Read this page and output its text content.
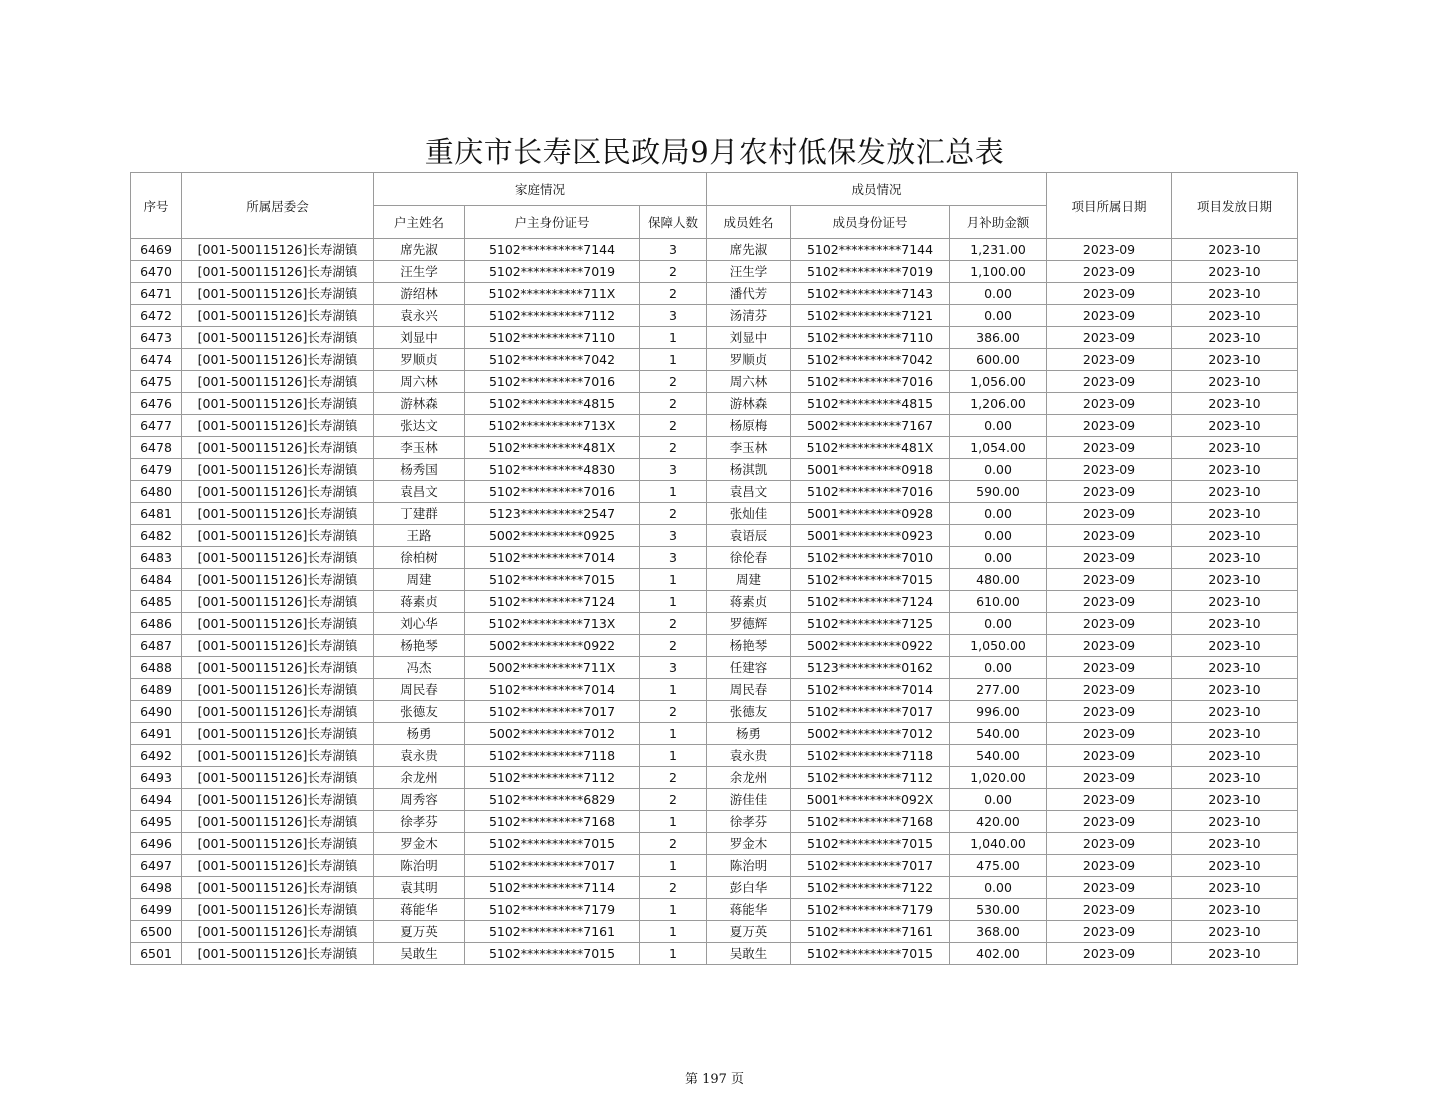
重庆市长寿区民政局9月农村低保发放汇总表
序号	所属居委会	家庭情况			成员情况			项目所属日期	项目发放日期
		户主姓名	户主身份证号	保障人数	成员姓名	成员身份证号	月补助金额		
6469	[001-500115126]长寿湖镇	席先淑	5102**********7144	3	席先淑	5102**********7144	1,231.00	2023-09	2023-10
6470	[001-500115126]长寿湖镇	汪生学	5102**********7019	2	汪生学	5102**********7019	1,100.00	2023-09	2023-10
6471	[001-500115126]长寿湖镇	游绍林	5102**********711X	2	潘代芳	5102**********7143	0.00	2023-09	2023-10
6472	[001-500115126]长寿湖镇	袁永兴	5102**********7112	3	汤清芬	5102**********7121	0.00	2023-09	2023-10
6473	[001-500115126]长寿湖镇	刘显中	5102**********7110	1	刘显中	5102**********7110	386.00	2023-09	2023-10
6474	[001-500115126]长寿湖镇	罗顺贞	5102**********7042	1	罗顺贞	5102**********7042	600.00	2023-09	2023-10
6475	[001-500115126]长寿湖镇	周六林	5102**********7016	2	周六林	5102**********7016	1,056.00	2023-09	2023-10
6476	[001-500115126]长寿湖镇	游林森	5102**********4815	2	游林森	5102**********4815	1,206.00	2023-09	2023-10
6477	[001-500115126]长寿湖镇	张达文	5102**********713X	2	杨原梅	5002**********7167	0.00	2023-09	2023-10
6478	[001-500115126]长寿湖镇	李玉林	5102**********481X	2	李玉林	5102**********481X	1,054.00	2023-09	2023-10
6479	[001-500115126]长寿湖镇	杨秀国	5102**********4830	3	杨淇凯	5001**********0918	0.00	2023-09	2023-10
6480	[001-500115126]长寿湖镇	袁昌文	5102**********7016	1	袁昌文	5102**********7016	590.00	2023-09	2023-10
6481	[001-500115126]长寿湖镇	丁建群	5123**********2547	2	张灿佳	5001**********0928	0.00	2023-09	2023-10
6482	[001-500115126]长寿湖镇	王路	5002**********0925	3	袁语辰	5001**********0923	0.00	2023-09	2023-10
6483	[001-500115126]长寿湖镇	徐柏树	5102**********7014	3	徐伦春	5102**********7010	0.00	2023-09	2023-10
6484	[001-500115126]长寿湖镇	周建	5102**********7015	1	周建	5102**********7015	480.00	2023-09	2023-10
6485	[001-500115126]长寿湖镇	蒋素贞	5102**********7124	1	蒋素贞	5102**********7124	610.00	2023-09	2023-10
6486	[001-500115126]长寿湖镇	刘心华	5102**********713X	2	罗德辉	5102**********7125	0.00	2023-09	2023-10
6487	[001-500115126]长寿湖镇	杨艳琴	5002**********0922	2	杨艳琴	5002**********0922	1,050.00	2023-09	2023-10
6488	[001-500115126]长寿湖镇	冯杰	5002**********711X	3	任建容	5123**********0162	0.00	2023-09	2023-10
6489	[001-500115126]长寿湖镇	周民春	5102**********7014	1	周民春	5102**********7014	277.00	2023-09	2023-10
6490	[001-500115126]长寿湖镇	张德友	5102**********7017	2	张德友	5102**********7017	996.00	2023-09	2023-10
6491	[001-500115126]长寿湖镇	杨勇	5002**********7012	1	杨勇	5002**********7012	540.00	2023-09	2023-10
6492	[001-500115126]长寿湖镇	袁永贵	5102**********7118	1	袁永贵	5102**********7118	540.00	2023-09	2023-10
6493	[001-500115126]长寿湖镇	余龙州	5102**********7112	2	余龙州	5102**********7112	1,020.00	2023-09	2023-10
6494	[001-500115126]长寿湖镇	周秀容	5102**********6829	2	游佳佳	5001**********092X	0.00	2023-09	2023-10
6495	[001-500115126]长寿湖镇	徐孝芬	5102**********7168	1	徐孝芬	5102**********7168	420.00	2023-09	2023-10
6496	[001-500115126]长寿湖镇	罗金木	5102**********7015	2	罗金木	5102**********7015	1,040.00	2023-09	2023-10
6497	[001-500115126]长寿湖镇	陈治明	5102**********7017	1	陈治明	5102**********7017	475.00	2023-09	2023-10
6498	[001-500115126]长寿湖镇	袁其明	5102**********7114	2	彭白华	5102**********7122	0.00	2023-09	2023-10
6499	[001-500115126]长寿湖镇	蒋能华	5102**********7179	1	蒋能华	5102**********7179	530.00	2023-09	2023-10
6500	[001-500115126]长寿湖镇	夏万英	5102**********7161	1	夏万英	5102**********7161	368.00	2023-09	2023-10
6501	[001-500115126]长寿湖镇	吴敢生	5102**********7015	1	吴敢生	5102**********7015	402.00	2023-09	2023-10
第 197 页
